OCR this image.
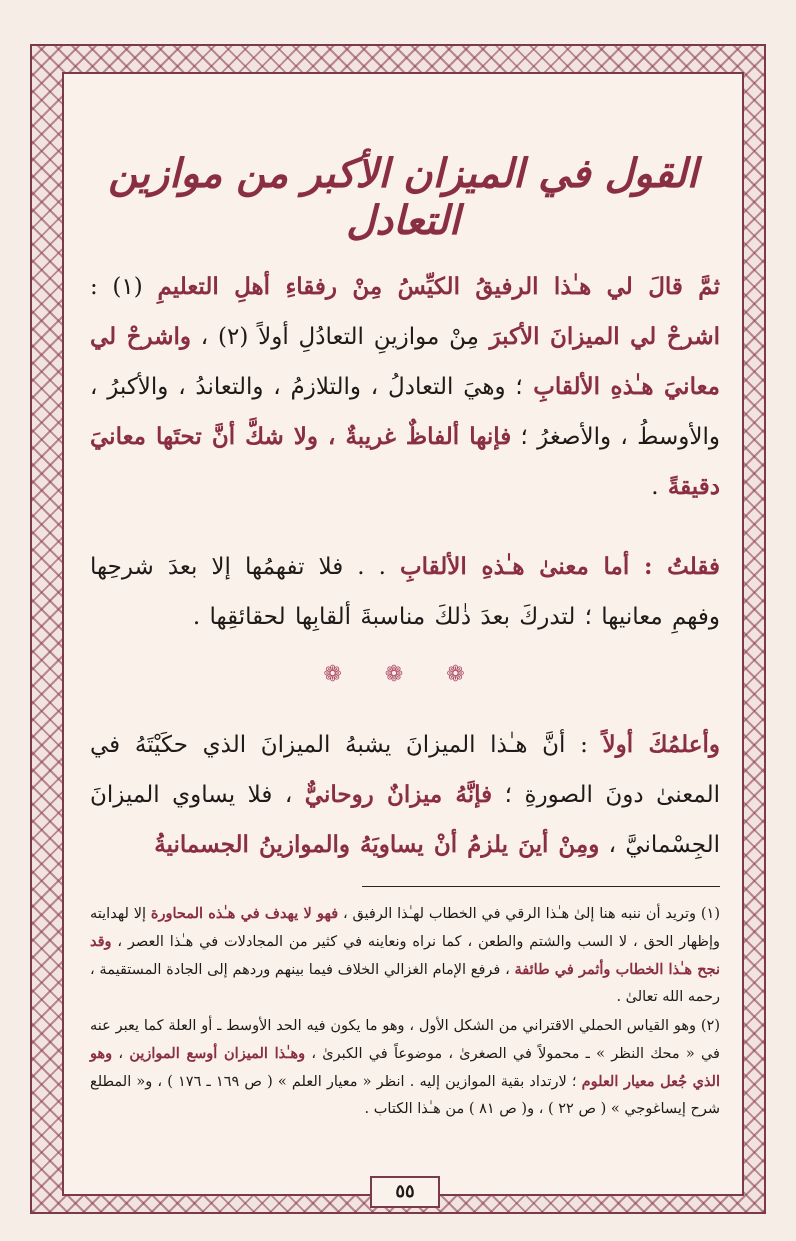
القول في الميزان الأكبر من موازين التعادل
ثمَّ قالَ لي هـٰذا الرفيقُ الكيِّسُ مِنْ رفقاءِ أهلِ التعليمِ (١) : اشرحْ لي الميزانَ الأكبرَ مِنْ موازينِ التعادُلِ أولاً (٢) ، واشرحْ لي معانيَ هـٰذهِ الألقابِ ؛ وهيَ التعادلُ ، والتلازمُ ، والتعاندُ ، والأكبرُ ، والأوسطُ ، والأصغرُ ؛ فإنها ألفاظٌ غريبةٌ ، ولا شكَّ أنَّ تحتَها معانيَ دقيقةً .
فقلتُ : أما معنىٰ هـٰذهِ الألقابِ . . فلا تفهمُها إلا بعدَ شرحِها وفهمِ معانيها ؛ لتدركَ بعدَ ذٰلكَ مناسبةَ ألقابِها لحقائقِها .
❁ ❁ ❁
وأعلمُكَ أولاً : أنَّ هـٰذا الميزانَ يشبهُ الميزانَ الذي حكَيْتَهُ في المعنىٰ دونَ الصورةِ ؛ فإنَّهُ ميزانٌ روحانيٌّ ، فلا يساوي الميزانَ الجِسْمانيَّ ، ومِنْ أينَ يلزمُ أنْ يساويَهُ والموازينُ الجسمانيةُ
(١) وتريد أن ننبه هنا إلىٰ هـٰذا الرقي في الخطاب لهـٰذا الرفيق ، فهو لا يهدف في هـٰذه المحاورة إلا لهدايته وإظهار الحق ، لا السب والشتم والطعن ، كما نراه ونعاينه في كثير من المجادلات في هـٰذا العصر ، وقد نجح هـٰذا الخطاب وأثمر في طائفة ، فرفع الإمام الغزالي الخلاف فيما بينهم وردهم إلى الجادة المستقيمة ، رحمه الله تعالىٰ .
(٢) وهو القياس الحملي الاقتراني من الشكل الأول ، وهو ما يكون فيه الحد الأوسط ـ أو العلة كما يعبر عنه في « محك النظر » ـ محمولاً في الصغرىٰ ، موضوعاً في الكبرىٰ ، وهـٰذا الميزان أوسع الموازين ، وهو الذي جُعل معيار العلوم ؛ لارتداد بقية الموازين إليه . انظر « معيار العلم » ( ص ١٦٩ ـ ١٧٦ ) ، و« المطلع شرح إيساغوجي » ( ص ٢٢ ) ، و( ص ٨١ ) من هـٰذا الكتاب .
٥٥
